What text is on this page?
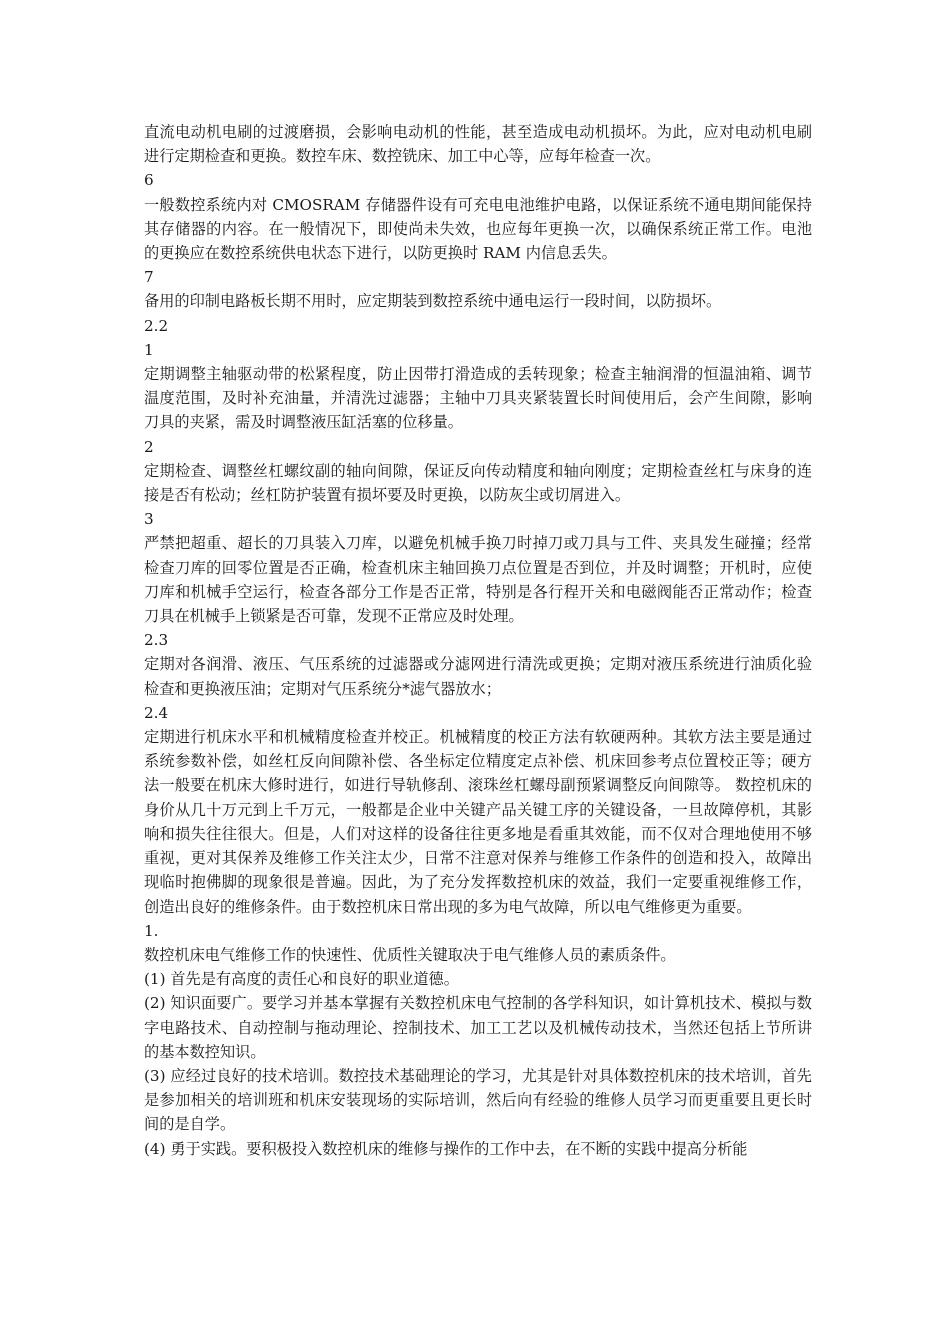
直流电动机电刷的过渡磨损，会影响电动机的性能，甚至造成电动机损坏。为此，应对电动机电刷进行定期检查和更换。数控车床、数控铣床、加工中心等，应每年检查一次。

6

一般数控系统内对 CMOSRAM 存储器件设有可充电电池维护电路，以保证系统不通电期间能保持其存储器的内容。在一般情况下，即使尚未失效，也应每年更换一次，以确保系统正常工作。电池的更换应在数控系统供电状态下进行，以防更换时 RAM 内信息丢失。

7

备用的印制电路板长期不用时，应定期装到数控系统中通电运行一段时间，以防损坏。

2.2

1

定期调整主轴驱动带的松紧程度，防止因带打滑造成的丢转现象；检查主轴润滑的恒温油箱、调节温度范围，及时补充油量，并清洗过滤器；主轴中刀具夹紧装置长时间使用后，会产生间隙，影响刀具的夹紧，需及时调整液压缸活塞的位移量。

2

定期检查、调整丝杠螺纹副的轴向间隙，保证反向传动精度和轴向刚度；定期检查丝杠与床身的连接是否有松动；丝杠防护装置有损坏要及时更换，以防灰尘或切屑进入。

3

严禁把超重、超长的刀具装入刀库，以避免机械手换刀时掉刀或刀具与工件、夹具发生碰撞；经常检查刀库的回零位置是否正确，检查机床主轴回换刀点位置是否到位，并及时调整；开机时，应使刀库和机械手空运行，检查各部分工作是否正常，特别是各行程开关和电磁阀能否正常动作；检查刀具在机械手上锁紧是否可靠，发现不正常应及时处理。

2.3

定期对各润滑、液压、气压系统的过滤器或分滤网进行清洗或更换；定期对液压系统进行油质化验检查和更换液压油；定期对气压系统分*滤气器放水；

2.4

定期进行机床水平和机械精度检查并校正。机械精度的校正方法有软硬两种。其软方法主要是通过系统参数补偿，如丝杠反向间隙补偿、各坐标定位精度定点补偿、机床回参考点位置校正等；硬方法一般要在机床大修时进行，如进行导轨修刮、滚珠丝杠螺母副预紧调整反向间隙等。 数控机床的身价从几十万元到上千万元，一般都是企业中关键产品关键工序的关键设备，一旦故障停机，其影响和损失往往很大。但是，人们对这样的设备往往更多地是看重其效能，而不仅对合理地使用不够重视，更对其保养及维修工作关注太少，日常不注意对保养与维修工作条件的创造和投入，故障出现临时抱佛脚的现象很是普遍。因此，为了充分发挥数控机床的效益，我们一定要重视维修工作，创造出良好的维修条件。由于数控机床日常出现的多为电气故障，所以电气维修更为重要。

1.

数控机床电气维修工作的快速性、优质性关键取决于电气维修人员的素质条件。

(1) 首先是有高度的责任心和良好的职业道德。

(2) 知识面要广。要学习并基本掌握有关数控机床电气控制的各学科知识，如计算机技术、模拟与数字电路技术、自动控制与拖动理论、控制技术、加工工艺以及机械传动技术，当然还包括上节所讲的基本数控知识。

(3) 应经过良好的技术培训。数控技术基础理论的学习，尤其是针对具体数控机床的技术培训，首先是参加相关的培训班和机床安装现场的实际培训，然后向有经验的维修人员学习而更重要且更长时间的是自学。

(4) 勇于实践。要积极投入数控机床的维修与操作的工作中去，在不断的实践中提高分析能
